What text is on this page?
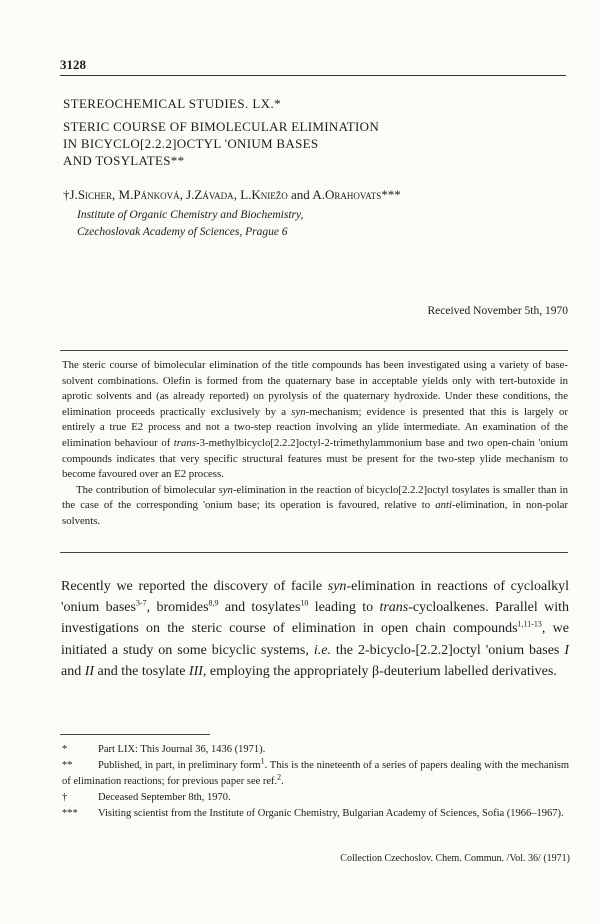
3128
STEREOCHEMICAL STUDIES. LX.*
STERIC COURSE OF BIMOLECULAR ELIMINATION
IN BICYCLO[2.2.2]OCTYL 'ONIUM BASES
AND TOSYLATES**
†J.Sicher, M.Pánková, J.Závada, L.Kniežo and A.Orahovats***
Institute of Organic Chemistry and Biochemistry,
Czechoslovak Academy of Sciences, Prague 6
Received November 5th, 1970

The steric course of bimolecular elimination of the title compounds has been investigated using a variety of base-solvent combinations. Olefin is formed from the quaternary base in acceptable yields only with tert-butoxide in aprotic solvents and (as already reported) on pyrolysis of the quaternary hydroxide. Under these conditions, the elimination proceeds practically exclusively by a syn-mechanism; evidence is presented that this is largely or entirely a true E2 process and not a two-step reaction involving an ylide intermediate. An examination of the elimination behaviour of trans-3-methylbicyclo[2.2.2]octyl-2-trimethylammonium base and two open-chain 'onium compounds indicates that very specific structural features must be present for the two-step ylide mechanism to become favoured over an E2 process.

The contribution of bimolecular syn-elimination in the reaction of bicyclo[2.2.2]octyl tosylates is smaller than in the case of the corresponding 'onium base; its operation is favoured, relative to anti-elimination, in non-polar solvents.

Recently we reported the discovery of facile syn-elimination in reactions of cycloalkyl 'onium bases$^{3-7}$, bromides$^{8,9}$ and tosylates$^{10}$ leading to trans-cycloalkenes. Parallel with investigations on the steric course of elimination in open chain compounds$^{1,11-13}$, we initiated a study on some bicyclic systems, i.e. the 2-bicyclo-[2.2.2]octyl 'onium bases I and II and the tosylate III, employing the appropriately β-deuterium labelled derivatives.

*	Part LIX: This Journal 36, 1436 (1971).

** Published, in part, in preliminary form$^1$. This is the nineteenth of a series of papers dealing with the mechanism of elimination reactions; for previous paper see ref.$^2$.

†	Deceased September 8th, 1970.

*** Visiting scientist from the Institute of Organic Chemistry, Bulgarian Academy of Sciences, Sofia (1966–1967).

Collection Czechoslov. Chem. Commun. /Vol. 36/ (1971)
